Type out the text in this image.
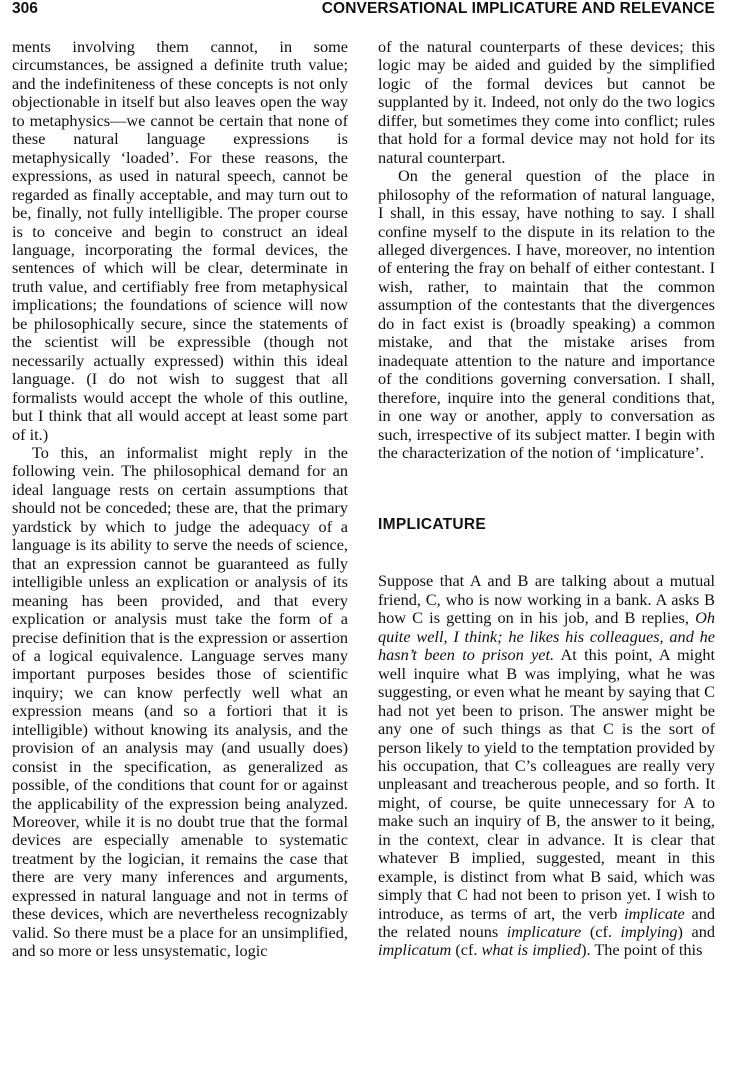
306	CONVERSATIONAL IMPLICATURE AND RELEVANCE

ments involving them cannot, in some circumstances, be assigned a definite truth value; and the indefiniteness of these concepts is not only objectionable in itself but also leaves open the way to metaphysics—we cannot be certain that none of these natural language expressions is metaphysically ‘loaded’. For these reasons, the expressions, as used in natural speech, cannot be regarded as finally acceptable, and may turn out to be, finally, not fully intelligible. The proper course is to conceive and begin to construct an ideal language, incorporating the formal devices, the sentences of which will be clear, determinate in truth value, and certifiably free from metaphysical implications; the foundations of science will now be philosophically secure, since the statements of the scientist will be expressible (though not necessarily actually expressed) within this ideal language. (I do not wish to suggest that all formalists would accept the whole of this outline, but I think that all would accept at least some part of it.)

To this, an informalist might reply in the following vein. The philosophical demand for an ideal language rests on certain assumptions that should not be conceded; these are, that the primary yardstick by which to judge the adequacy of a language is its ability to serve the needs of science, that an expression cannot be guaranteed as fully intelligible unless an explication or analysis of its meaning has been provided, and that every explication or analysis must take the form of a precise definition that is the expression or assertion of a logical equivalence. Language serves many important purposes besides those of scientific inquiry; we can know perfectly well what an expression means (and so a fortiori that it is intelligible) without knowing its analysis, and the provision of an analysis may (and usually does) consist in the specification, as generalized as possible, of the conditions that count for or against the applicability of the expression being analyzed. Moreover, while it is no doubt true that the formal devices are especially amenable to systematic treatment by the logician, it remains the case that there are very many inferences and arguments, expressed in natural language and not in terms of these devices, which are nevertheless recognizably valid. So there must be a place for an unsimplified, and so more or less unsystematic, logic

of the natural counterparts of these devices; this logic may be aided and guided by the simplified logic of the formal devices but cannot be supplanted by it. Indeed, not only do the two logics differ, but sometimes they come into conflict; rules that hold for a formal device may not hold for its natural counterpart.

On the general question of the place in philosophy of the reformation of natural language, I shall, in this essay, have nothing to say. I shall confine myself to the dispute in its relation to the alleged divergences. I have, moreover, no intention of entering the fray on behalf of either contestant. I wish, rather, to maintain that the common assumption of the contestants that the divergences do in fact exist is (broadly speaking) a common mistake, and that the mistake arises from inadequate attention to the nature and importance of the conditions governing conversation. I shall, therefore, inquire into the general conditions that, in one way or another, apply to conversation as such, irrespective of its subject matter. I begin with the characterization of the notion of ‘implicature’.

IMPLICATURE

Suppose that A and B are talking about a mutual friend, C, who is now working in a bank. A asks B how C is getting on in his job, and B replies, Oh quite well, I think; he likes his colleagues, and he hasn’t been to prison yet. At this point, A might well inquire what B was implying, what he was suggesting, or even what he meant by saying that C had not yet been to prison. The answer might be any one of such things as that C is the sort of person likely to yield to the temptation provided by his occupation, that C’s colleagues are really very unpleasant and treacherous people, and so forth. It might, of course, be quite unnecessary for A to make such an inquiry of B, the answer to it being, in the context, clear in advance. It is clear that whatever B implied, suggested, meant in this example, is distinct from what B said, which was simply that C had not been to prison yet. I wish to introduce, as terms of art, the verb implicate and the related nouns implicature (cf. implying) and implicatum (cf. what is implied). The point of this
